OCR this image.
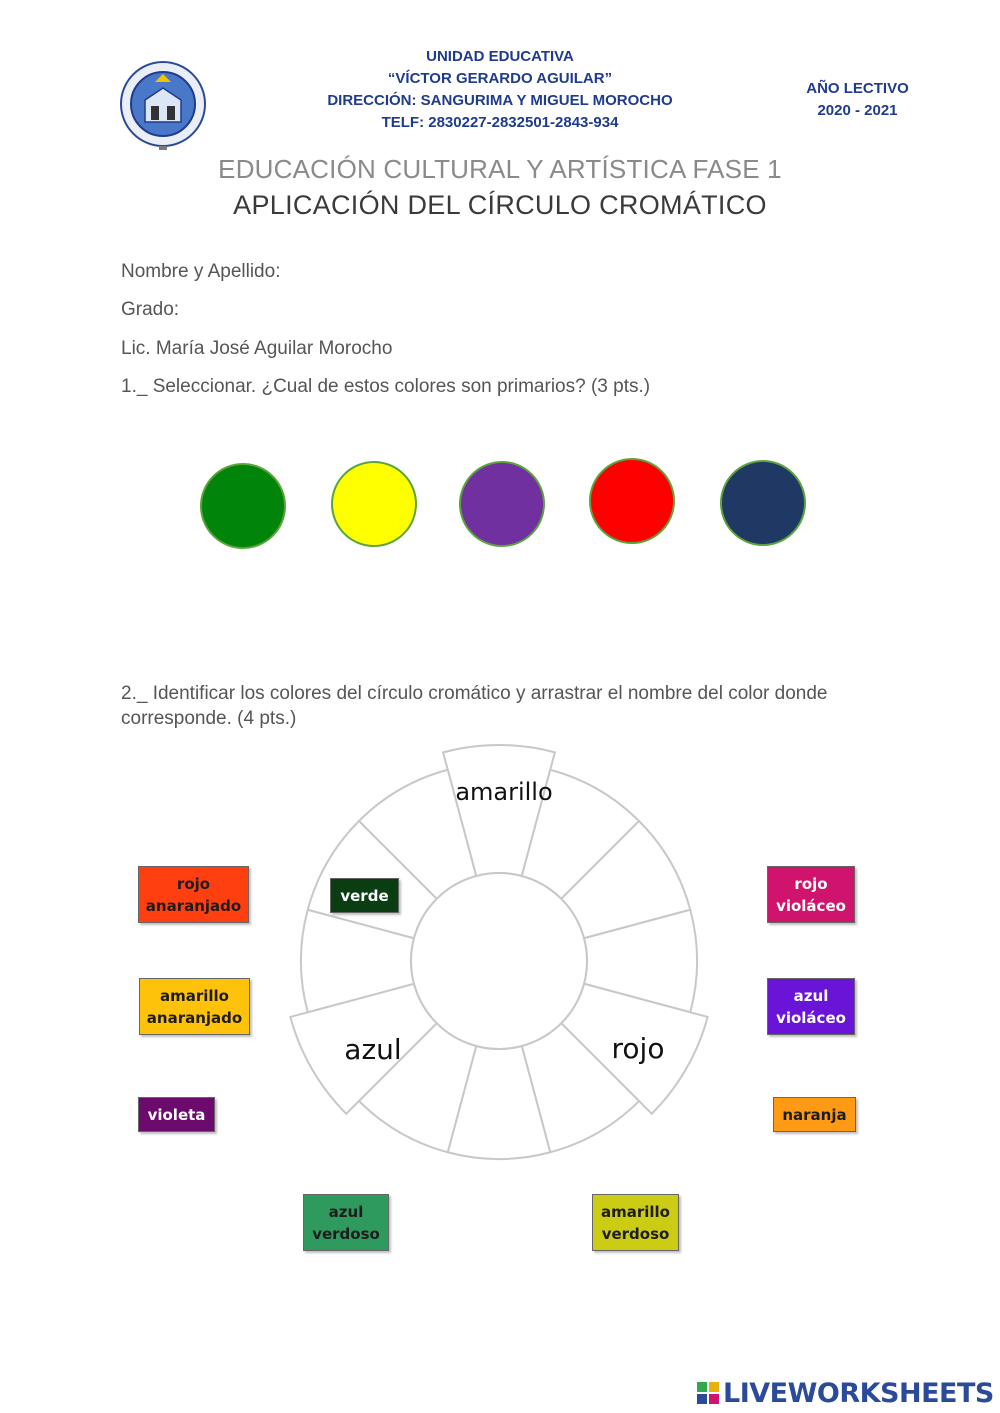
UNIDAD EDUCATIVA
“VÍCTOR GERARDO AGUILAR”
DIRECCIÓN: SANGURIMA Y MIGUEL MOROCHO
TELF: 2830227-2832501-2843-934
AÑO LECTIVO
2020 - 2021
EDUCACIÓN CULTURAL Y ARTÍSTICA FASE 1
APLICACIÓN DEL CÍRCULO CROMÁTICO
Nombre y Apellido:
Grado:
Lic. María José Aguilar Morocho
1._ Seleccionar. ¿Cual de estos colores son primarios? (3 pts.)
2._ Identificar los colores del círculo cromático y arrastrar el nombre del color donde corresponde. (4 pts.)
amarillo
azul	rojo
verde
rojo
anaranjado
amarillo
anaranjado
violeta
azul
verdoso
amarillo
verdoso
rojo
violáceo
azul
violáceo
naranja
LIVEWORKSHEETS
